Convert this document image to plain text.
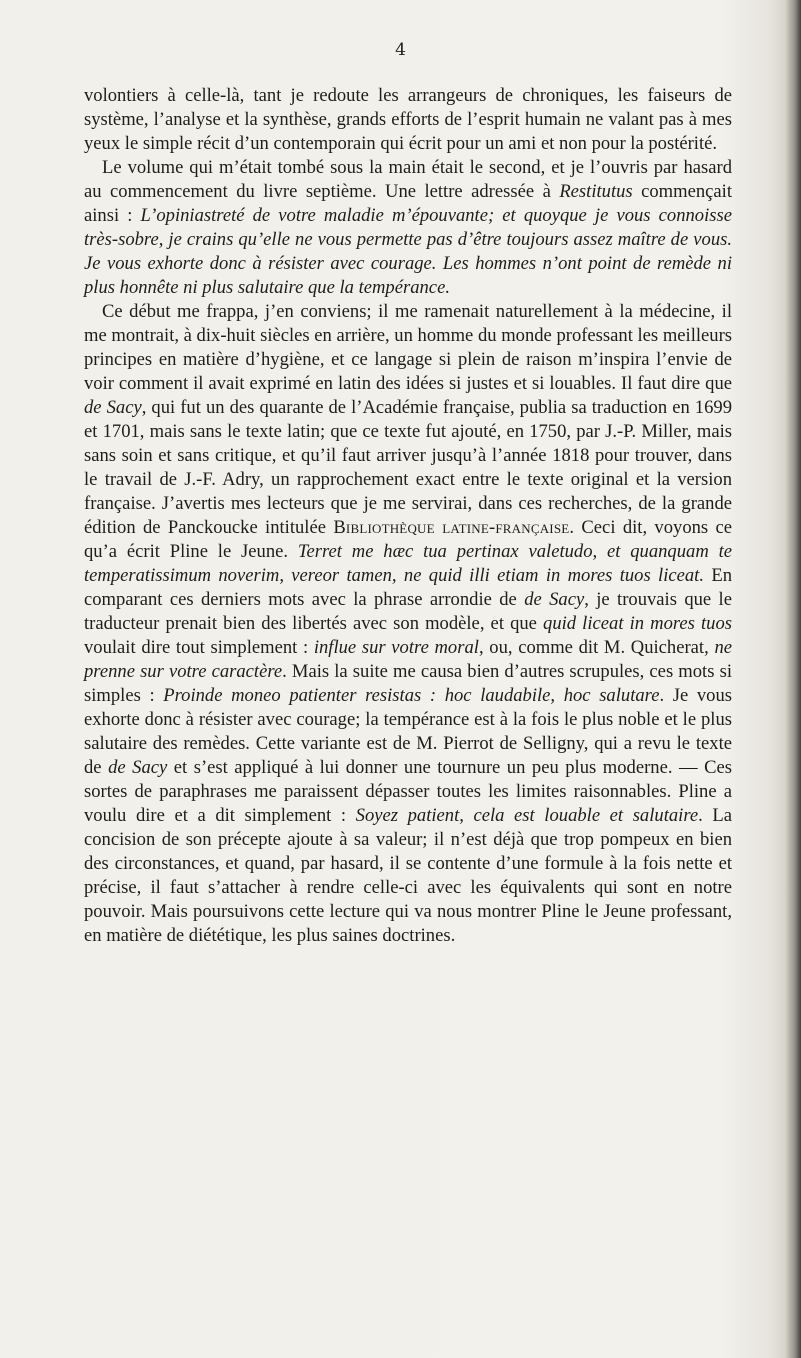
4

volontiers à celle-là, tant je redoute les arrangeurs de chroniques, les faiseurs de système, l’analyse et la synthèse, grands efforts de l’esprit humain ne valant pas à mes yeux le simple récit d’un contemporain qui écrit pour un ami et non pour la postérité.

Le volume qui m’était tombé sous la main était le second, et je l’ouvris par hasard au commencement du livre septième. Une lettre adressée à Restitutus commençait ainsi : L’opiniastreté de votre maladie m’épouvante; et quoyque je vous connoisse très-sobre, je crains qu’elle ne vous permette pas d’être toujours assez maître de vous. Je vous exhorte donc à résister avec courage. Les hommes n’ont point de remède ni plus honnête ni plus salutaire que la tempérance.

Ce début me frappa, j’en conviens; il me ramenait naturellement à la médecine, il me montrait, à dix-huit siècles en arrière, un homme du monde professant les meilleurs principes en matière d’hygiène, et ce langage si plein de raison m’inspira l’envie de voir comment il avait exprimé en latin des idées si justes et si louables. Il faut dire que de Sacy, qui fut un des quarante de l’Académie française, publia sa traduction en 1699 et 1701, mais sans le texte latin; que ce texte fut ajouté, en 1750, par J.-P. Miller, mais sans soin et sans critique, et qu’il faut arriver jusqu’à l’année 1818 pour trouver, dans le travail de J.-F. Adry, un rapprochement exact entre le texte original et la version française. J’avertis mes lecteurs que je me servirai, dans ces recherches, de la grande édition de Panckoucke intitulée Bibliothèque latine-française. Ceci dit, voyons ce qu’a écrit Pline le Jeune. Terret me hæc tua pertinax valetudo, et quanquam te temperatissimum noverim, vereor tamen, ne quid illi etiam in mores tuos liceat. En comparant ces derniers mots avec la phrase arrondie de de Sacy, je trouvais que le traducteur prenait bien des libertés avec son modèle, et que quid liceat in mores tuos voulait dire tout simplement : influe sur votre moral, ou, comme dit M. Quicherat, ne prenne sur votre caractère. Mais la suite me causa bien d’autres scrupules, ces mots si simples : Proinde moneo patienter resistas : hoc laudabile, hoc salutare. Je vous exhorte donc à résister avec courage; la tempérance est à la fois le plus noble et le plus salutaire des remèdes. Cette variante est de M. Pierrot de Selligny, qui a revu le texte de de Sacy et s’est appliqué à lui donner une tournure un peu plus moderne. — Ces sortes de paraphrases me paraissent dépasser toutes les limites raisonnables. Pline a voulu dire et a dit simplement : Soyez patient, cela est louable et salutaire. La concision de son précepte ajoute à sa valeur; il n’est déjà que trop pompeux en bien des circonstances, et quand, par hasard, il se contente d’une formule à la fois nette et précise, il faut s’attacher à rendre celle-ci avec les équivalents qui sont en notre pouvoir. Mais poursuivons cette lecture qui va nous montrer Pline le Jeune professant, en matière de diététique, les plus saines doctrines.
